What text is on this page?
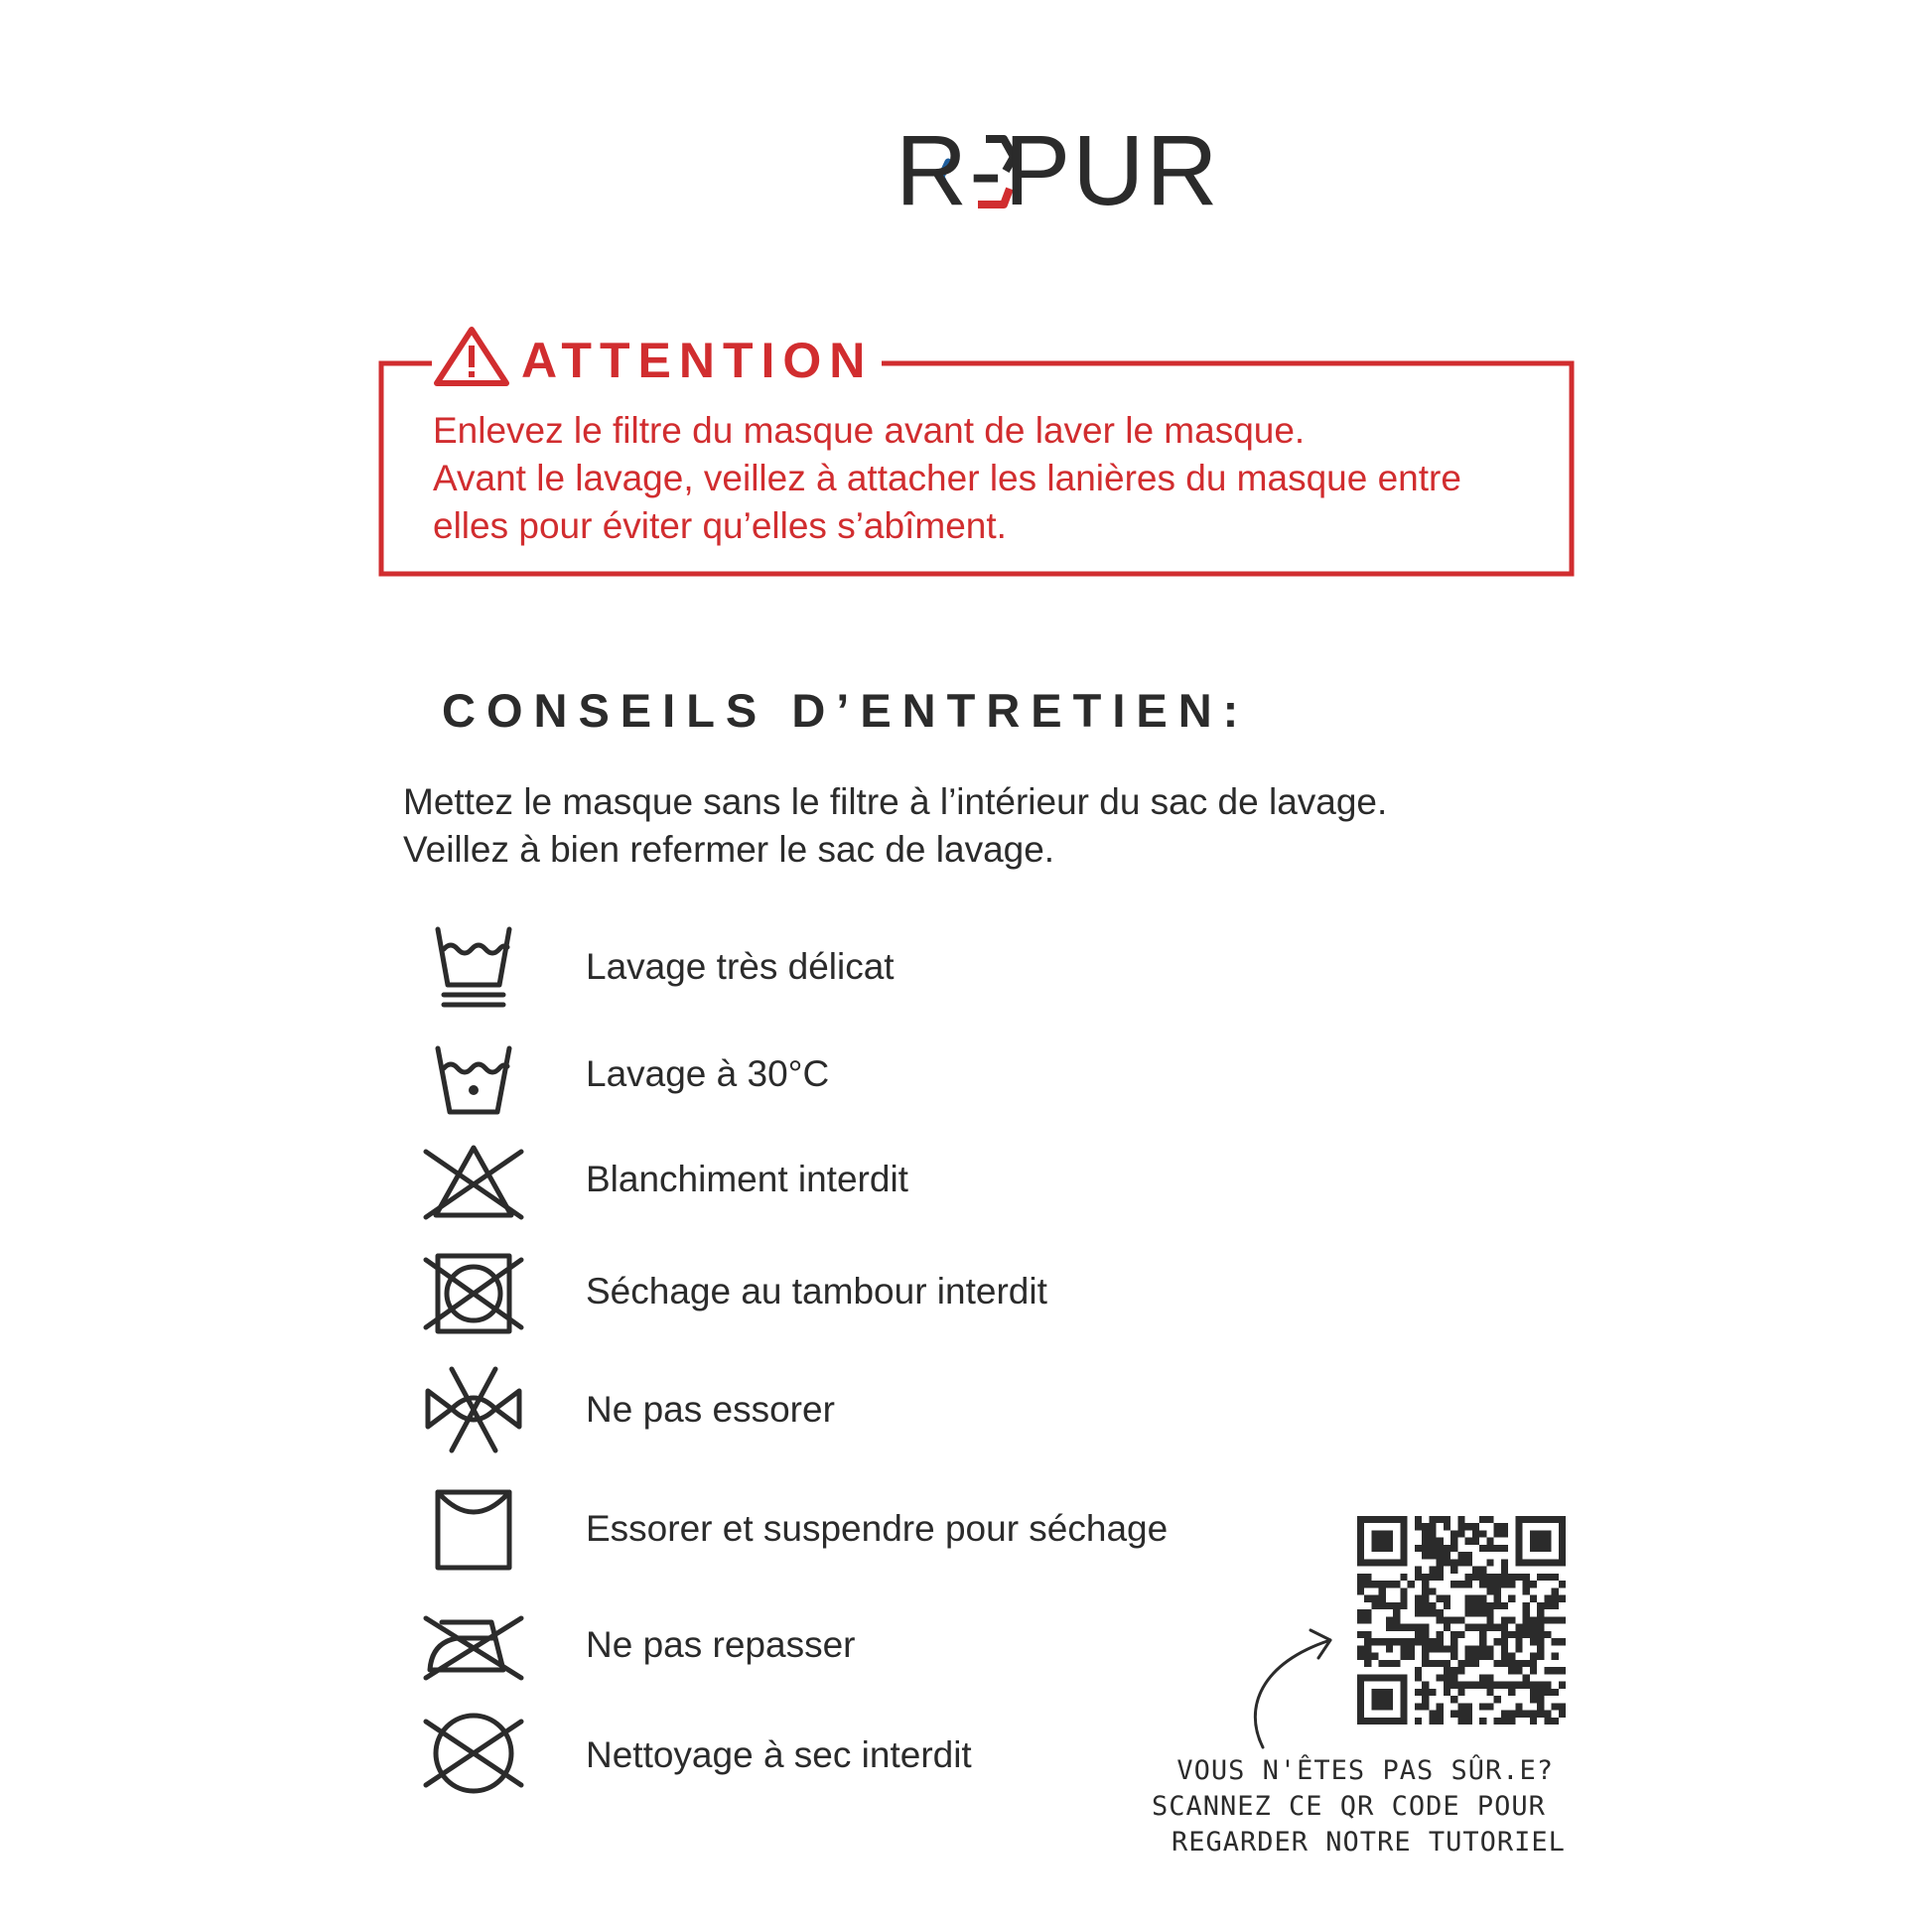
R-PUR
ATTENTION
Enlevez le filtre du masque avant de laver le masque.
Avant le lavage, veillez à attacher les lanières du masque entre
elles pour éviter qu’elles s’abîment.
CONSEILS D’ENTRETIEN:
Mettez le masque sans le filtre à l’intérieur du sac de lavage.
Veillez à bien refermer le sac de lavage.
Lavage très délicat
Lavage à 30°C
Blanchiment interdit
Séchage au tambour interdit
Ne pas essorer
Essorer et suspendre pour séchage
Ne pas repasser
Nettoyage à sec interdit	VOUS N'ÊTES PAS SÛR.E?
SCANNEZ CE QR CODE POUR
REGARDER NOTRE TUTORIEL
